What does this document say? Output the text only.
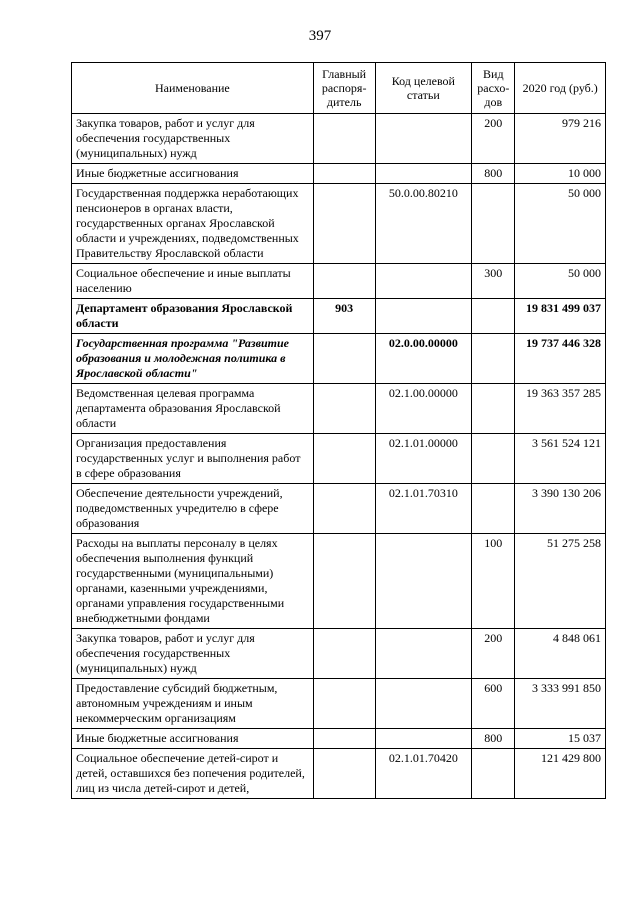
397
Наименование	Главный распоря-дитель	Код целевой статьи	Вид расхо-дов	2020 год (руб.)
Закупка товаров, работ и услуг для обеспечения государственных (муниципальных) нужд			200	979 216
Иные бюджетные ассигнования			800	10 000
Государственная поддержка неработающих пенсионеров в органах власти, государственных органах Ярославской области и учреждениях, подведомственных Правительству Ярославской области		50.0.00.80210		50 000
Социальное обеспечение и иные выплаты населению			300	50 000
Департамент образования Ярославской области	903			19 831 499 037
Государственная программа "Развитие образования и молодежная политика в Ярославской области"		02.0.00.00000		19 737 446 328
Ведомственная целевая программа департамента образования Ярославской области		02.1.00.00000		19 363 357 285
Организация предоставления государственных услуг и выполнения работ в сфере образования		02.1.01.00000		3 561 524 121
Обеспечение деятельности учреждений, подведомственных учредителю в сфере образования		02.1.01.70310		3 390 130 206
Расходы на выплаты персоналу в целях обеспечения выполнения функций государственными (муниципальными) органами, казенными учреждениями, органами управления государственными внебюджетными фондами			100	51 275 258
Закупка товаров, работ и услуг для обеспечения государственных (муниципальных) нужд			200	4 848 061
Предоставление субсидий бюджетным, автономным учреждениям и иным некоммерческим организациям			600	3 333 991 850
Иные бюджетные ассигнования			800	15 037
Социальное обеспечение детей-сирот и детей, оставшихся без попечения родителей, лиц из числа детей-сирот и детей,		02.1.01.70420		121 429 800
